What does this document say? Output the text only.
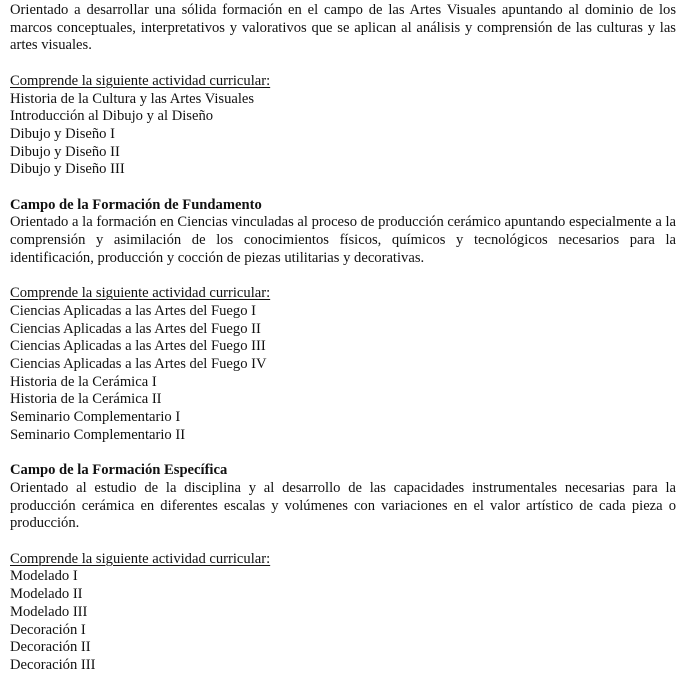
Orientado a desarrollar una sólida formación en el campo de las Artes Visuales apuntando al dominio de los marcos conceptuales, interpretativos y valorativos que se aplican al análisis y comprensión de las culturas y las artes visuales.

Comprende la siguiente actividad curricular:

Historia de la Cultura y las Artes Visuales
Introducción al Dibujo y al Diseño
Dibujo y Diseño I
Dibujo y Diseño II
Dibujo y Diseño III

Campo de la Formación de Fundamento

Orientado a la formación en Ciencias vinculadas al proceso de producción cerámico apuntando especialmente a la comprensión y asimilación de los conocimientos físicos, químicos y tecnológicos necesarios para la identificación, producción y cocción de piezas utilitarias y decorativas.

Comprende la siguiente actividad curricular:

Ciencias Aplicadas a las Artes del Fuego I
Ciencias Aplicadas a las Artes del Fuego II
Ciencias Aplicadas a las Artes del Fuego III
Ciencias Aplicadas a las Artes del Fuego IV
Historia de la Cerámica I
Historia de la Cerámica II
Seminario Complementario I
Seminario Complementario II

Campo de la Formación Específica

Orientado al estudio de la disciplina y al desarrollo de las capacidades instrumentales necesarias para la producción cerámica en diferentes escalas y volúmenes con variaciones en el valor artístico de cada pieza o producción.

Comprende la siguiente actividad curricular:

Modelado I
Modelado II
Modelado III
Decoración I
Decoración II
Decoración III
